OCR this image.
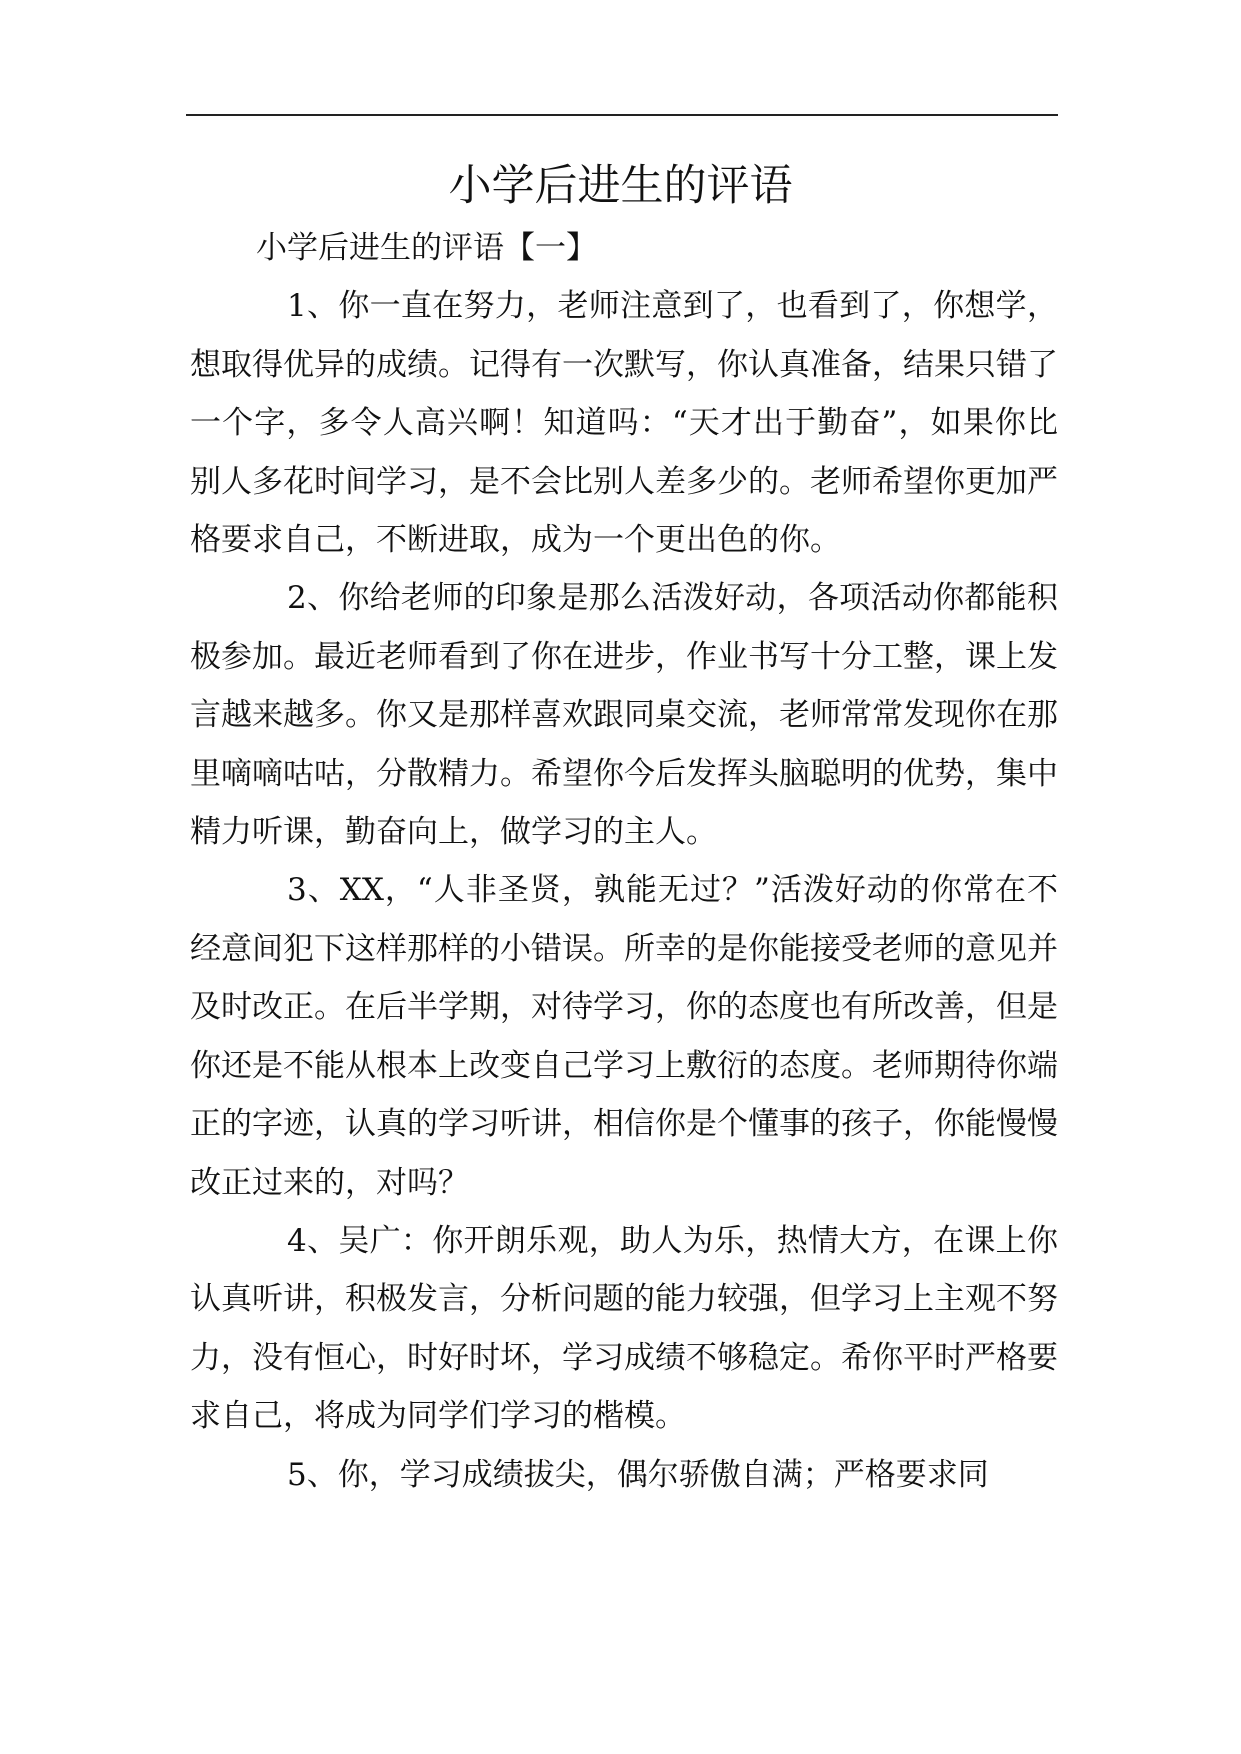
小学后进生的评语

小学后进生的评语【一】

1、你一直在努力，老师注意到了，也看到了，你想学，想取得优异的成绩。记得有一次默写，你认真准备，结果只错了一个字，多令人高兴啊！知道吗：“天才出于勤奋”，如果你比别人多花时间学习，是不会比别人差多少的。老师希望你更加严格要求自己，不断进取，成为一个更出色的你。

2、你给老师的印象是那么活泼好动，各项活动你都能积极参加。最近老师看到了你在进步，作业书写十分工整，课上发言越来越多。你又是那样喜欢跟同桌交流，老师常常发现你在那里嘀嘀咕咕，分散精力。希望你今后发挥头脑聪明的优势，集中精力听课，勤奋向上，做学习的主人。

3、XX，“人非圣贤，孰能无过？”活泼好动的你常在不经意间犯下这样那样的小错误。所幸的是你能接受老师的意见并及时改正。在后半学期，对待学习，你的态度也有所改善，但是你还是不能从根本上改变自己学习上敷衍的态度。老师期待你端正的字迹，认真的学习听讲，相信你是个懂事的孩子，你能慢慢改正过来的，对吗？

4、吴广：你开朗乐观，助人为乐，热情大方，在课上你认真听讲，积极发言，分析问题的能力较强，但学习上主观不努力，没有恒心，时好时坏，学习成绩不够稳定。希你平时严格要求自己，将成为同学们学习的楷模。

5、你，学习成绩拔尖，偶尔骄傲自满；严格要求同
